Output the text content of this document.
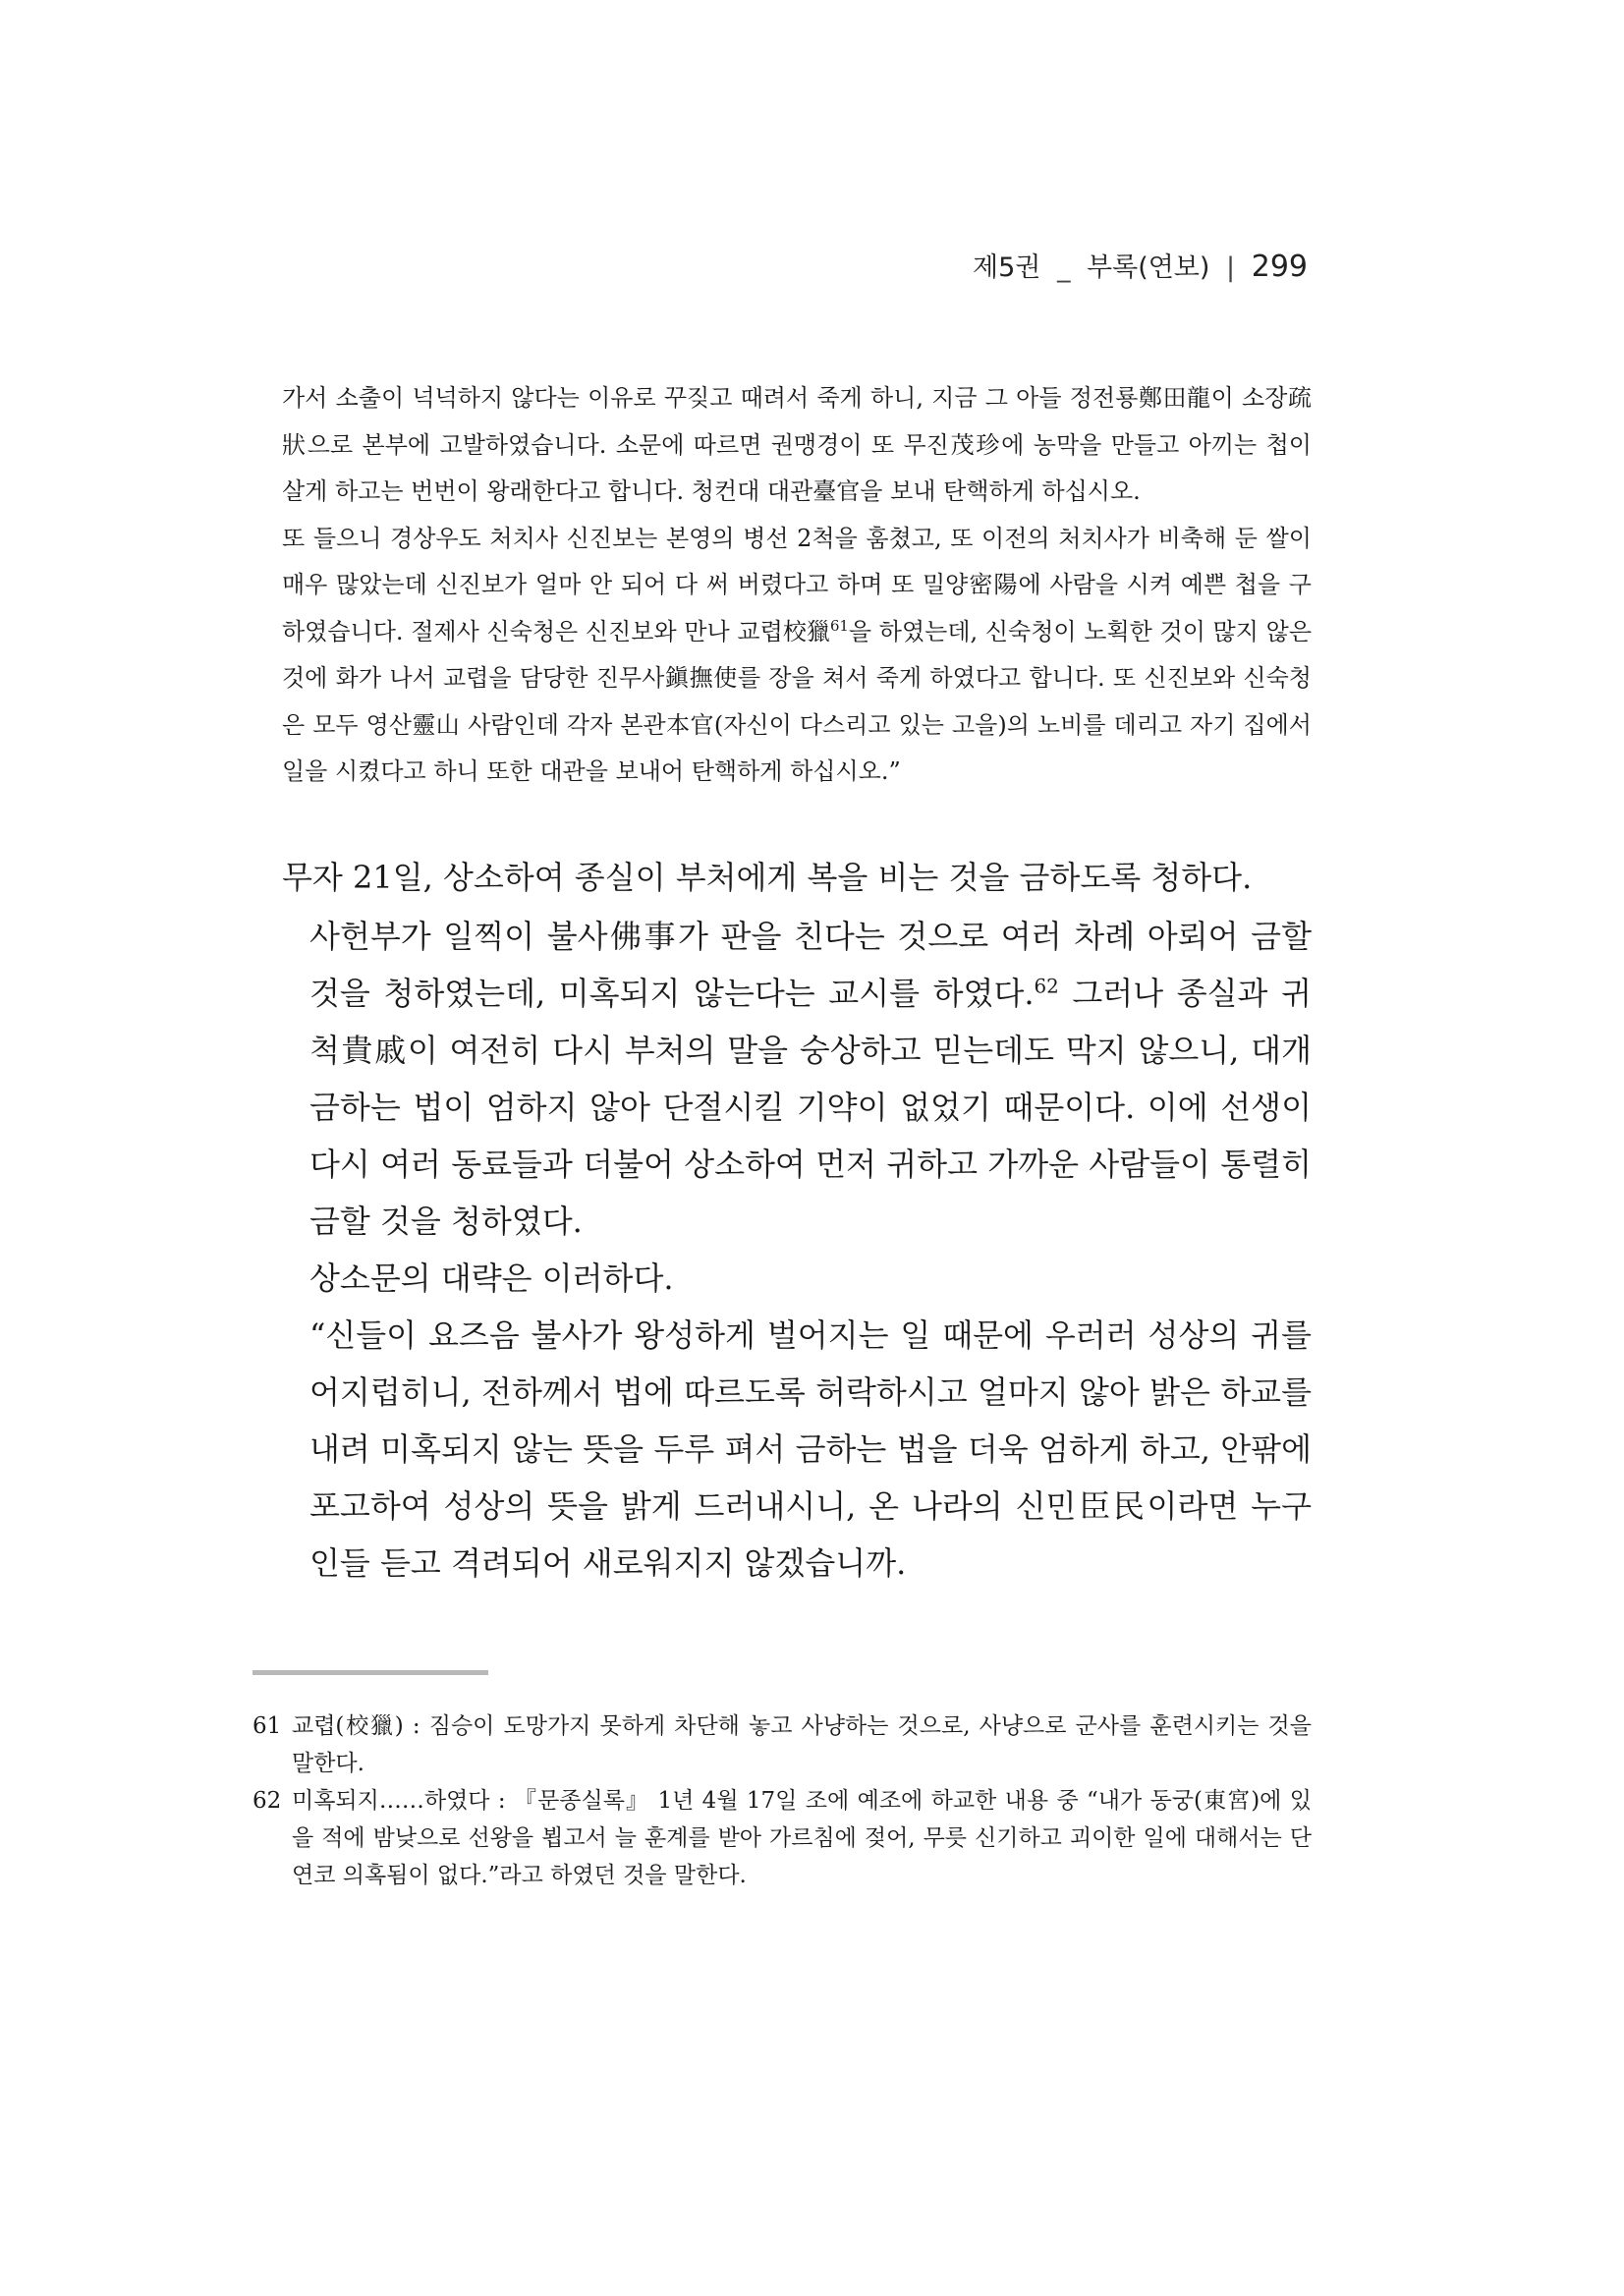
제5권 _ 부록(연보) | 299

가서 소출이 넉넉하지 않다는 이유로 꾸짖고 때려서 죽게 하니, 지금 그 아들 정전룡鄭田龍이 소장疏狀으로 본부에 고발하였습니다. 소문에 따르면 권맹경이 또 무진茂珍에 농막을 만들고 아끼는 첩이 살게 하고는 번번이 왕래한다고 합니다. 청컨대 대관臺官을 보내 탄핵하게 하십시오.

또 들으니 경상우도 처치사 신진보는 본영의 병선 2척을 훔쳤고, 또 이전의 처치사가 비축해 둔 쌀이 매우 많았는데 신진보가 얼마 안 되어 다 써 버렸다고 하며 또 밀양密陽에 사람을 시켜 예쁜 첩을 구하였습니다. 절제사 신숙청은 신진보와 만나 교렵校獵$^{61}$을 하였는데, 신숙청이 노획한 것이 많지 않은 것에 화가 나서 교렵을 담당한 진무사鎭撫使를 장을 쳐서 죽게 하였다고 합니다. 또 신진보와 신숙청은 모두 영산靈山 사람인데 각자 본관本官(자신이 다스리고 있는 고을)의 노비를 데리고 자기 집에서 일을 시켰다고 하니 또한 대관을 보내어 탄핵하게 하십시오.”

무자 21일, 상소하여 종실이 부처에게 복을 비는 것을 금하도록 청하다.

사헌부가 일찍이 불사佛事가 판을 친다는 것으로 여러 차례 아뢰어 금할 것을 청하였는데, 미혹되지 않는다는 교시를 하였다.$^{62}$ 그러나 종실과 귀척貴戚이 여전히 다시 부처의 말을 숭상하고 믿는데도 막지 않으니, 대개 금하는 법이 엄하지 않아 단절시킬 기약이 없었기 때문이다. 이에 선생이 다시 여러 동료들과 더불어 상소하여 먼저 귀하고 가까운 사람들이 통렬히 금할 것을 청하였다.

상소문의 대략은 이러하다.

“신들이 요즈음 불사가 왕성하게 벌어지는 일 때문에 우러러 성상의 귀를 어지럽히니, 전하께서 법에 따르도록 허락하시고 얼마지 않아 밝은 하교를 내려 미혹되지 않는 뜻을 두루 펴서 금하는 법을 더욱 엄하게 하고, 안팎에 포고하여 성상의 뜻을 밝게 드러내시니, 온 나라의 신민臣民이라면 누구인들 듣고 격려되어 새로워지지 않겠습니까.

61 교렵(校獵) : 짐승이 도망가지 못하게 차단해 놓고 사냥하는 것으로, 사냥으로 군사를 훈련시키는 것을 말한다.

62 미혹되지……하였다 : 『문종실록』 1년 4월 17일 조에 예조에 하교한 내용 중 “내가 동궁(東宮)에 있을 적에 밤낮으로 선왕을 뵙고서 늘 훈계를 받아 가르침에 젖어, 무릇 신기하고 괴이한 일에 대해서는 단연코 의혹됨이 없다.”라고 하였던 것을 말한다.
